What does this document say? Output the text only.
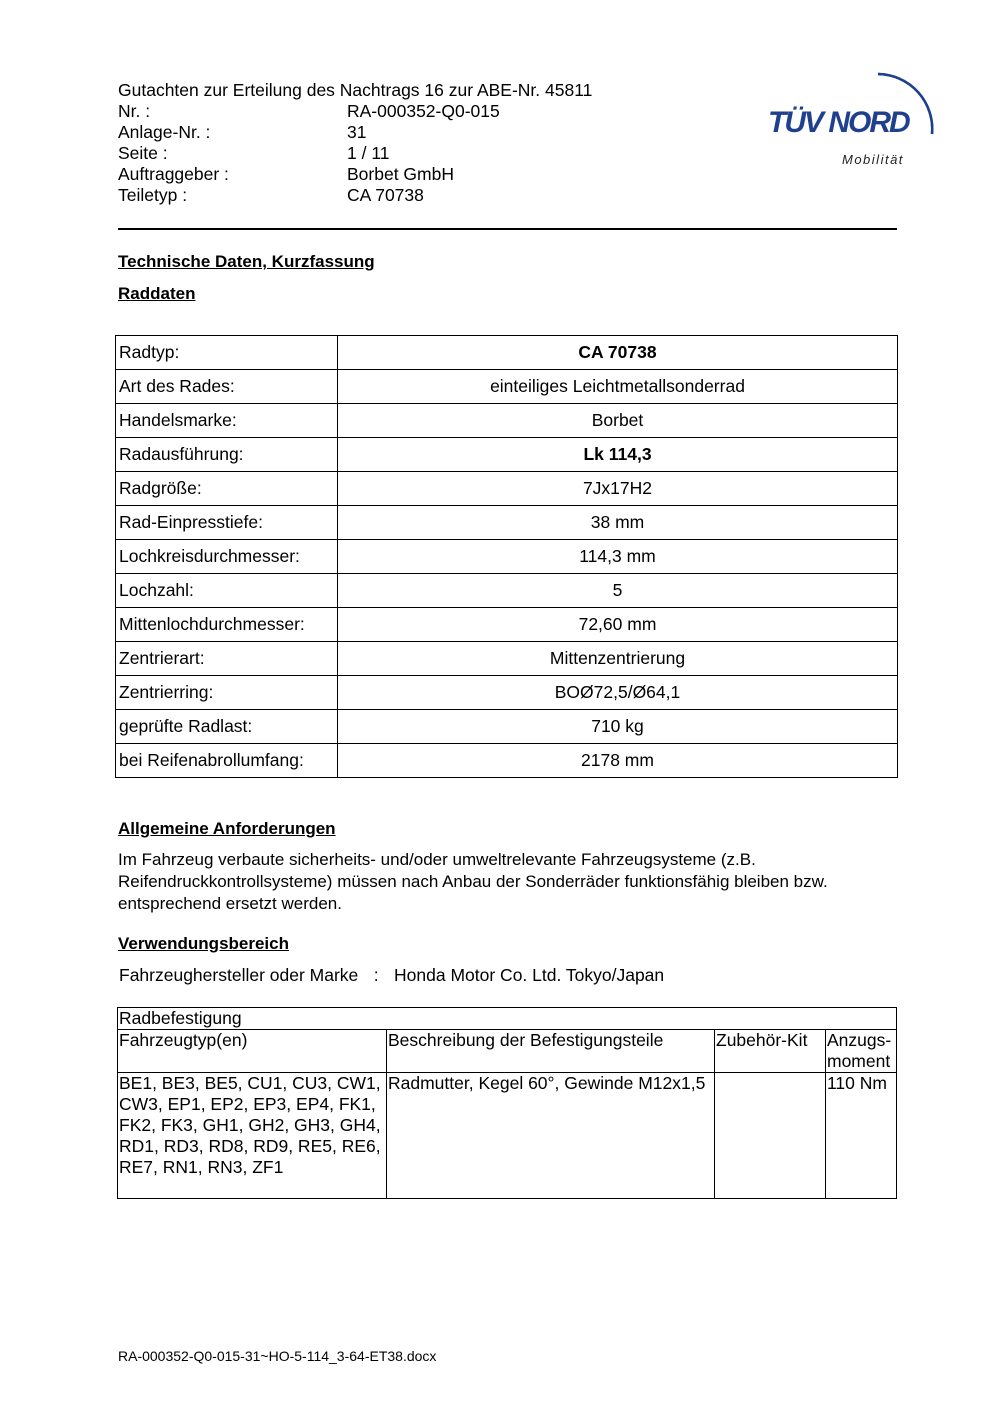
Gutachten zur Erteilung des Nachtrags 16 zur ABE-Nr. 45811
Nr. :	RA-000352-Q0-015
Anlage-Nr. :	31
Seite :	1 / 11
Auftraggeber :	Borbet GmbH
Teiletyp :	CA 70738
TÜV NORD
Mobilität
Technische Daten, Kurzfassung
Raddaten
Radtyp:	CA 70738
Art des Rades:	einteiliges Leichtmetallsonderrad
Handelsmarke:	Borbet
Radausführung:	Lk 114,3
Radgröße:	7Jx17H2
Rad-Einpresstiefe:	38 mm
Lochkreisdurchmesser:	114,3 mm
Lochzahl:	5
Mittenlochdurchmesser:	72,60 mm
Zentrierart:	Mittenzentrierung
Zentrierring:	BOØ72,5/Ø64,1
geprüfte Radlast:	710 kg
bei Reifenabrollumfang:	2178 mm
Allgemeine Anforderungen
Im Fahrzeug verbaute sicherheits- und/oder umweltrelevante Fahrzeugsysteme (z.B. Reifendruckkontrollsysteme) müssen nach Anbau der Sonderräder funktionsfähig bleiben bzw. entsprechend ersetzt werden.
Verwendungsbereich
Fahrzeughersteller oder Marke : Honda Motor Co. Ltd. Tokyo/Japan
Radbefestigung			
Fahrzeugtyp(en)	Beschreibung der Befestigungsteile	Zubehör-Kit	Anzugs-moment
BE1, BE3, BE5, CU1, CU3, CW1, CW3, EP1, EP2, EP3, EP4, FK1, FK2, FK3, GH1, GH2, GH3, GH4, RD1, RD3, RD8, RD9, RE5, RE6, RE7, RN1, RN3, ZF1	Radmutter, Kegel 60°, Gewinde M12x1,5		110 Nm
RA-000352-Q0-015-31~HO-5-114_3-64-ET38.docx
